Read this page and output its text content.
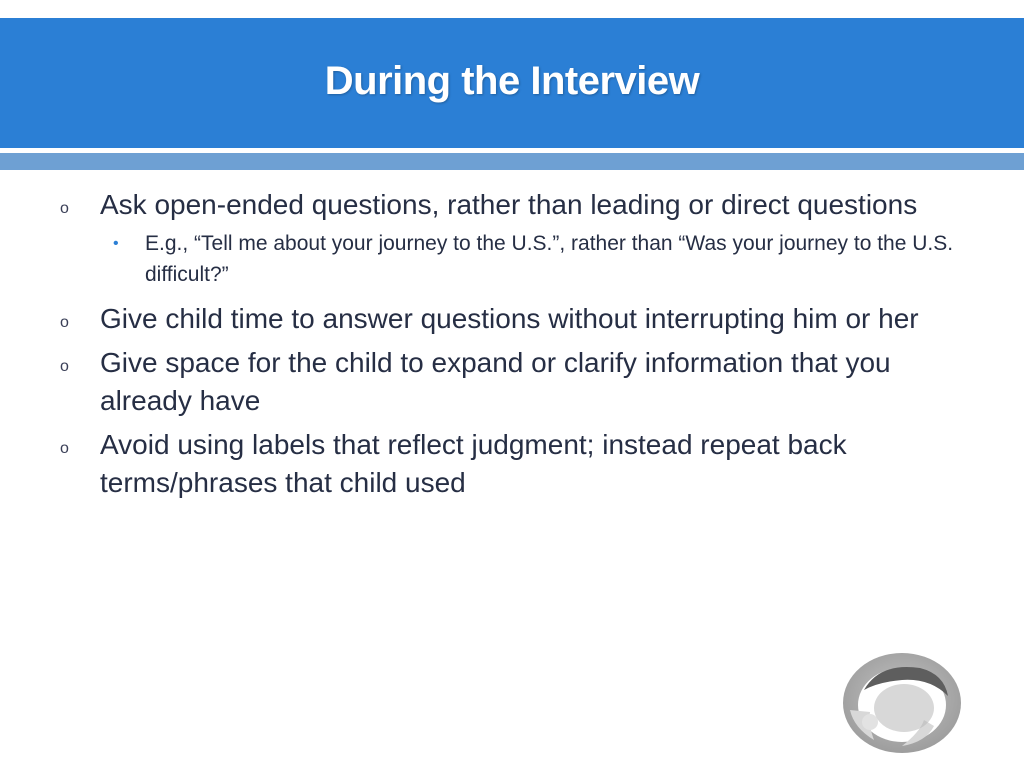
During the Interview
o Ask open-ended questions, rather than leading or direct questions
• E.g., “Tell me about your journey to the U.S.”, rather than “Was your journey to the U.S. difficult?”
o Give child time to answer questions without interrupting him or her
o Give space for the child to expand or clarify information that you already have
o Avoid using labels that reflect judgment; instead repeat back terms/phrases that child used
